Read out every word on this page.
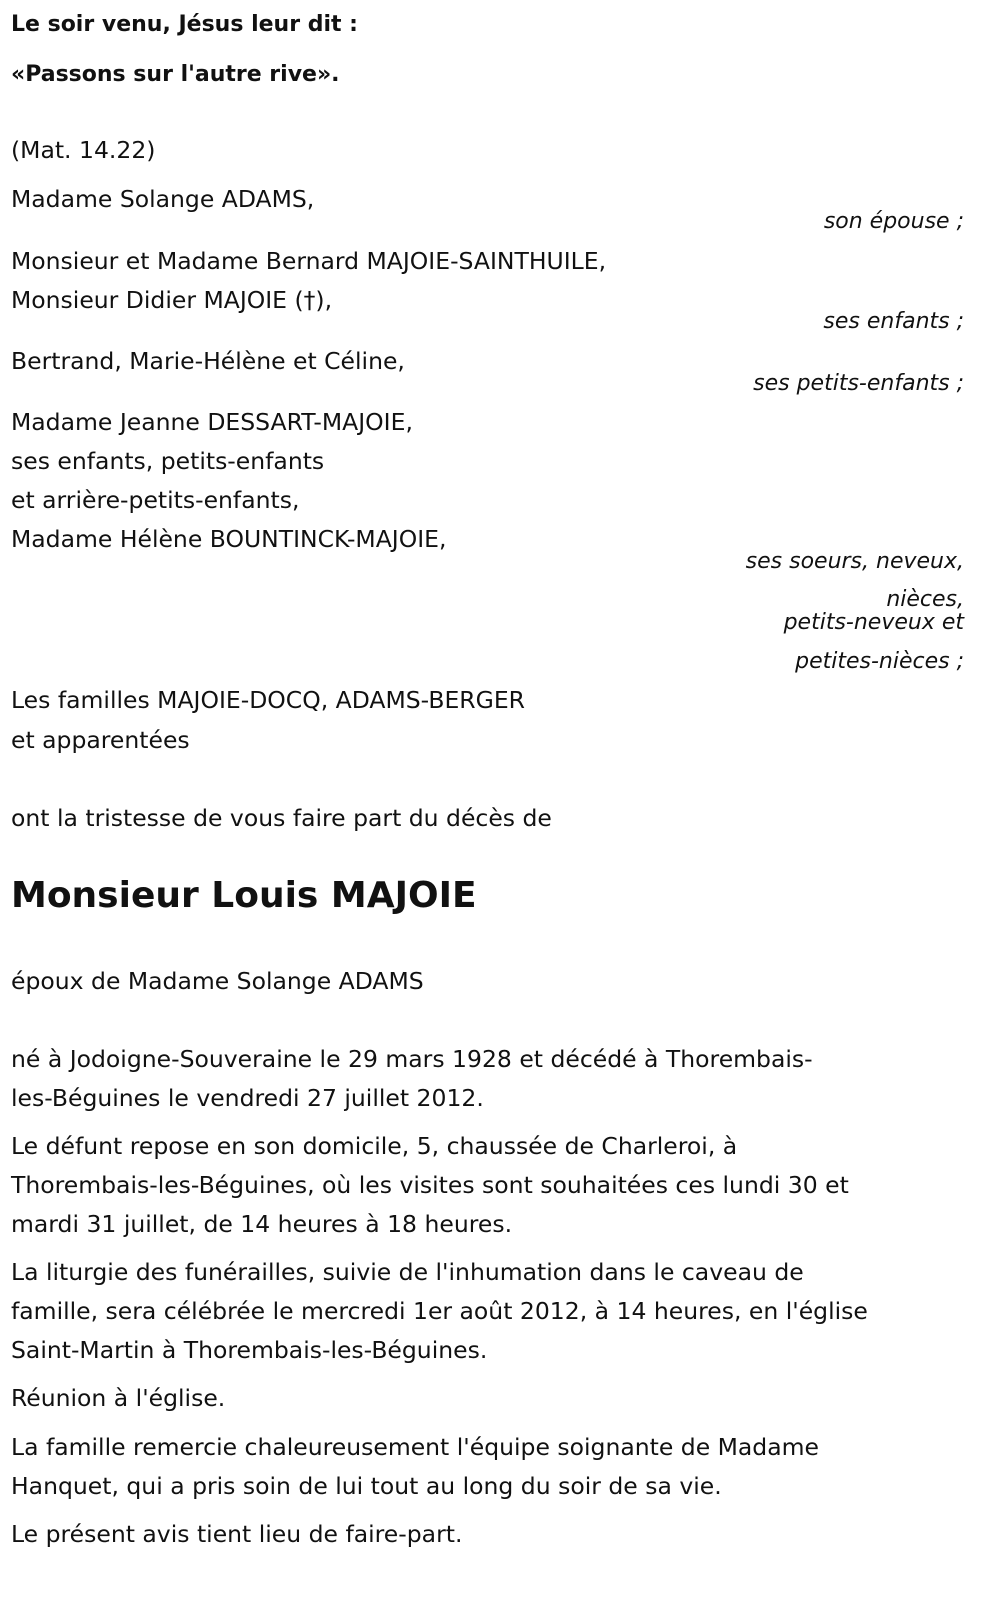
Le soir venu, Jésus leur dit :
«Passons sur l'autre rive».
(Mat. 14.22)
Madame Solange ADAMS,
son épouse ;
Monsieur et Madame Bernard MAJOIE-SAINTHUILE,
Monsieur Didier MAJOIE (†),
ses enfants ;
Bertrand, Marie-Hélène et Céline,
ses petits-enfants ;
Madame Jeanne DESSART-MAJOIE,
ses enfants, petits-enfants
et arrière-petits-enfants,
Madame Hélène BOUNTINCK-MAJOIE,
ses soeurs, neveux,
nièces,
petits-neveux et
petites-nièces ;
Les familles MAJOIE-DOCQ, ADAMS-BERGER
et apparentées
ont la tristesse de vous faire part du décès de
Monsieur Louis MAJOIE
époux de Madame Solange ADAMS
né à Jodoigne-Souveraine le 29 mars 1928 et décédé à Thorembais-
les-Béguines le vendredi 27 juillet 2012.
Le défunt repose en son domicile, 5, chaussée de Charleroi, à
Thorembais-les-Béguines, où les visites sont souhaitées ces lundi 30 et
mardi 31 juillet, de 14 heures à 18 heures.
La liturgie des funérailles, suivie de l'inhumation dans le caveau de
famille, sera célébrée le mercredi 1er août 2012, à 14 heures, en l'église
Saint-Martin à Thorembais-les-Béguines.
Réunion à l'église.
La famille remercie chaleureusement l'équipe soignante de Madame
Hanquet, qui a pris soin de lui tout au long du soir de sa vie.
Le présent avis tient lieu de faire-part.
